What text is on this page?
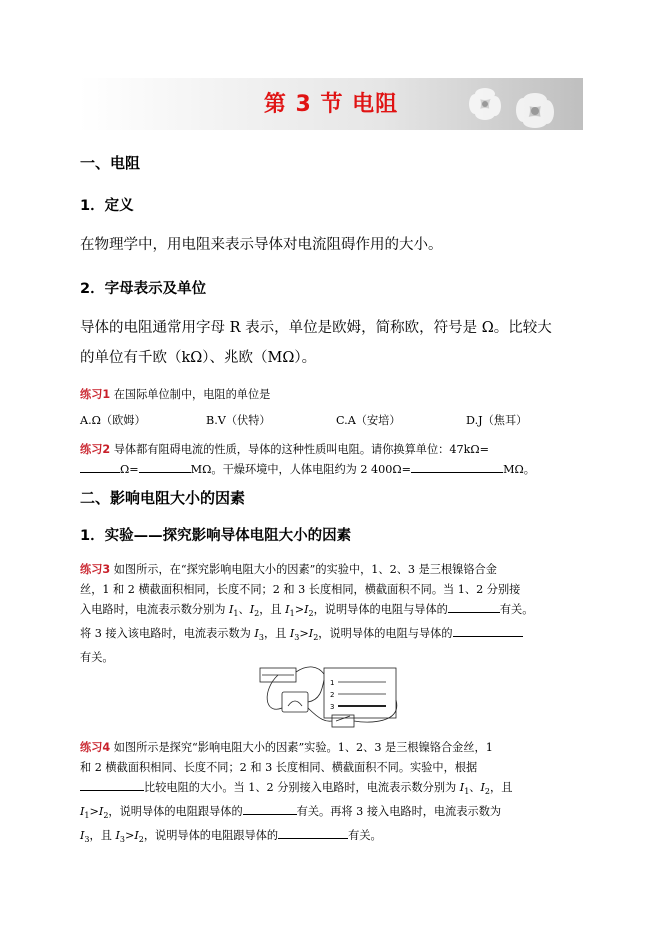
第 3 节 电阻
一、电阻
1．定义
在物理学中，用电阻来表示导体对电流阻碍作用的大小。
2．字母表示及单位
导体的电阻通常用字母 R 表示，单位是欧姆，简称欧，符号是 Ω。比较大
的单位有千欧（kΩ）、兆欧（MΩ）。
练习1 在国际单位制中，电阻的单位是
A.Ω（欧姆）	B.V（伏特）	C.A（安培）	D.J（焦耳）
练习2 导体都有阻碍电流的性质，导体的这种性质叫电阻。请你换算单位：47kΩ=
Ω=	MΩ。干燥环境中，人体电阻约为 2 400Ω=	MΩ。
二、影响电阻大小的因素
1．实验——探究影响导体电阻大小的因素
练习3 如图所示，在“探究影响电阻大小的因素”的实验中，1、2、3 是三根镍铬合金
丝，1 和 2 横截面积相同，长度不同；2 和 3 长度相同，横截面积不同。当 1、2 分别接
入电路时，电流表示数分别为 $I_1$、$I_2$，且 $I_1>I_2$，说明导体的电阻与导体的	有关。
将 3 接入该电路时，电流表示数为 $I_3$，且 $I_3>I_2$，说明导体的电阻与导体的
有关。
1
2
3
练习4 如图所示是探究“影响电阻大小的因素”实验。1、2、3 是三根镍铬合金丝，1
和 2 横截面积相同、长度不同；2 和 3 长度相同、横截面积不同。实验中，根据
比较电阻的大小。当 1、2 分别接入电路时，电流表示数分别为 $I_1$、$I_2$，且
$I_1>I_2$，说明导体的电阻跟导体的	有关。再将 3 接入电路时，电流表示数为
$I_3$，且 $I_3>I_2$，说明导体的电阻跟导体的	有关。
